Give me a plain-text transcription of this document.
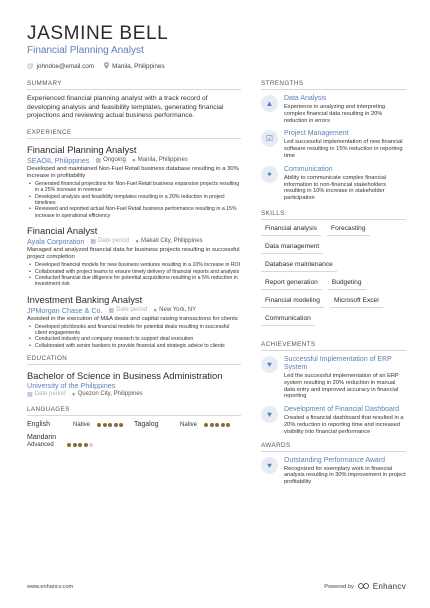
JASMINE BELL
Financial Planning Analyst
@ johndoe@email.com	Manila, Philippines
SUMMARY
Experienced financial planning analyst with a track record of developing analysis and feasibility templates, generating financial projections and reviewing actual business performance.
EXPERIENCE
Financial Planning Analyst
SEAOIL Philippines ▦ Ongoing ● Manila, Philippines
Developed and maintained Non-Fuel Retail business database resulting in a 30% increase in profitability
• Generated financial projections for Non-Fuel Retail business expansion projects resulting in a 25% increase in revenue
• Developed analysis and feasibility templates resulting in a 20% reduction in project timelines
• Reviewed and reported actual Non-Fuel Retail business performance resulting in a 15% increase in operational efficiency
Financial Analyst
Ayala Corporation ▦ Date period ● Makati City, Philippines
Managed and analyzed financial data for business projects resulting in successful project completion
• Developed financial models for new business ventures resulting in a 10% increase in ROI
• Collaborated with project teams to ensure timely delivery of financial reports and analysis
• Conducted financial due diligence for potential acquisitions resulting in a 5% reduction in investment risk
Investment Banking Analyst
JPMorgan Chase & Co. ▦ Date period ● New York, NY
Assisted in the execution of M&A deals and capital raising transactions for clients
• Developed pitchbooks and financial models for potential deals resulting in successful client engagements
• Conducted industry and company research to support deal execution
• Collaborated with senior bankers to provide financial and strategic advice to clients
EDUCATION
Bachelor of Science in Business Administration
University of the Philippines
▦ Date period ● Quezon City, Philippines
LANGUAGES
English	Native	Tagalog	Native
Mandarin
Advanced
STRENGTHS
▲
Data Analysis
Experience in analyzing and interpreting complex financial data resulting in 20% reduction in errors
☑
Project Management
Led successful implementation of new financial software resulting in 15% reduction in reporting time
✦
Communication
Ability to communicate complex financial information to non-financial stakeholders resulting in 10% increase in stakeholder participation
SKILLS
Financial analysis	Forecasting
Data management
Database maintenance
Report generation	Budgeting
Financial modeling	Microsoft Excel
Communication
ACHIEVEMENTS
♥
Successful Implementation of ERP System
Led the successful implementation of an ERP system resulting in 20% reduction in manual data entry and improved accuracy in financial reporting
♥
Development of Financial Dashboard
Created a financial dashboard that resulted in a 20% reduction in reporting time and increased visibility into financial performance
AWARDS
♥
Outstanding Performance Award
Recognized for exemplary work in financial analysis resulting in 30% improvement in project profitability
www.enhancv.com	Powered by Enhancv
